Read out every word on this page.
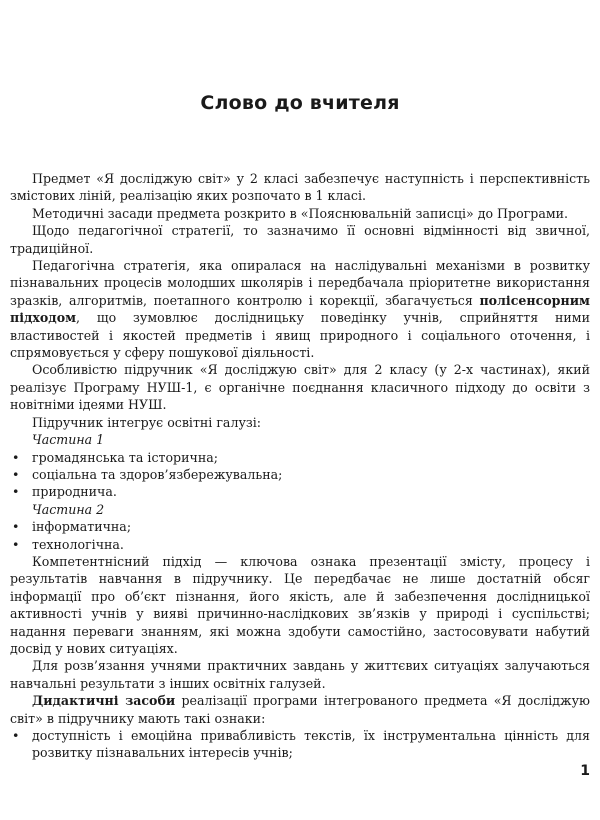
Слово до вчителя

Предмет «Я досліджую світ» у 2 класі забезпечує наступність і перспективність змістових ліній, реалізацію яких розпочато в 1 класі.

Методичні засади предмета розкрито в «Пояснювальній записці» до Програми.

Щодо педагогічної стратегії, то зазначимо її основні відмінності від звичної, традиційної.

Педагогічна стратегія, яка опиралася на наслідувальні механізми в розвитку пізнавальних процесів молодших школярів і передбачала пріоритетне використання зразків, алгоритмів, поетапного контролю і корекції, збагачується полісенсорним підходом, що зумовлює дослідницьку поведінку учнів, сприйняття ними властивостей і якостей предметів і явищ природного і соціального оточення, і спрямовується у сферу пошукової діяльності.

Особливістю підручник «Я досліджую світ» для 2 класу (у 2-х частинах), який реалізує Програму НУШ-1, є органічне поєднання класичного підходу до освіти з новітніми ідеями НУШ.

Підручник інтегрує освітні галузі:

Частина 1

• громадянська та історична;

• соціальна та здоров’язбережувальна;

• природнича.

Частина 2

• інформатична;

• технологічна.

Компетентнісний підхід — ключова ознака презентації змісту, процесу і результатів навчання в підручнику. Це передбачає не лише достатній обсяг інформації про об’єкт пізнання, його якість, але й забезпечення дослідницької активності учнів у вияві причинно-наслідкових зв’язків у природі і суспільстві; надання переваги знанням, які можна здобути самостійно, застосовувати набутий досвід у нових ситуаціях.

Для розв’язання учнями практичних завдань у життєвих ситуаціях залучаються навчальні результати з інших освітніх галузей.

Дидактичні засоби реалізації програми інтегрованого предмета «Я досліджую світ» в підручнику мають такі ознаки:

• доступність і емоційна привабливість текстів, їх інструментальна цінність для розвитку пізнавальних інтересів учнів;

1
